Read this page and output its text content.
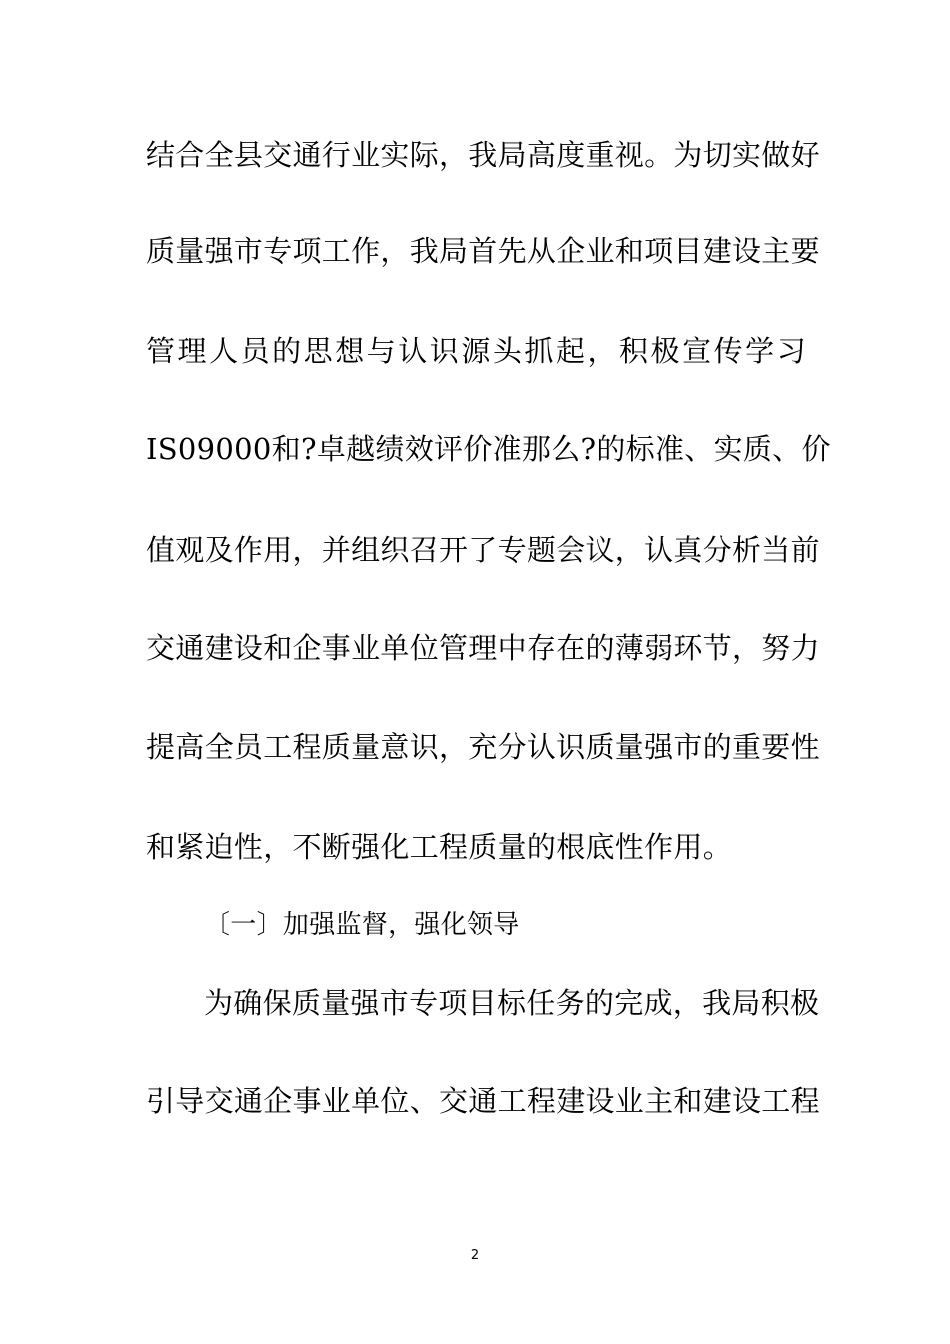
结合全县交通行业实际，我局高度重视。为切实做好
质量强市专项工作，我局首先从企业和项目建设主要
管理人员的思想与认识源头抓起，积极宣传学习
IS09000和?卓越绩效评价准那么?的标准、实质、价
值观及作用，并组织召开了专题会议，认真分析当前
交通建设和企事业单位管理中存在的薄弱环节，努力
提高全员工程质量意识，充分认识质量强市的重要性
和紧迫性，不断强化工程质量的根底性作用。
〔一〕加强监督，强化领导
为确保质量强市专项目标任务的完成，我局积极
引导交通企事业单位、交通工程建设业主和建设工程
2
